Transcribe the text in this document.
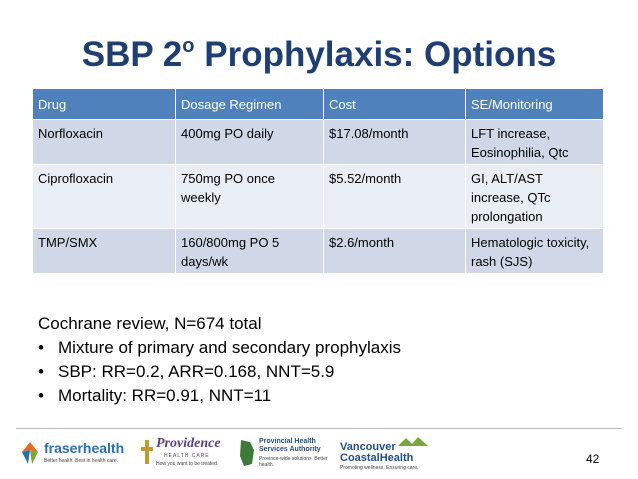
SBP 2$^o$ Prophylaxis: Options
Drug	Dosage Regimen	Cost	SE/Monitoring
Norfloxacin	400mg PO daily	$17.08/month	LFT increase, Eosinophilia, Qtc
Ciprofloxacin	750mg PO once weekly	$5.52/month	GI, ALT/AST increase, QTc prolongation
TMP/SMX	160/800mg PO 5 days/wk	$2.6/month	Hematologic toxicity, rash (SJS)
Cochrane review, N=674 total
• Mixture of primary and secondary prophylaxis
• SBP: RR=0.2, ARR=0.168, NNT=5.9
• Mortality: RR=0.91, NNT=11
fraserhealth
Better health. Best in health care.
Providence
HEALTH CARE
How you want to be treated.
Provincial Health Services Authority
Province-wide solutions. Better health.
Vancouver CoastalHealth
Promoting wellness. Ensuring care.
42
